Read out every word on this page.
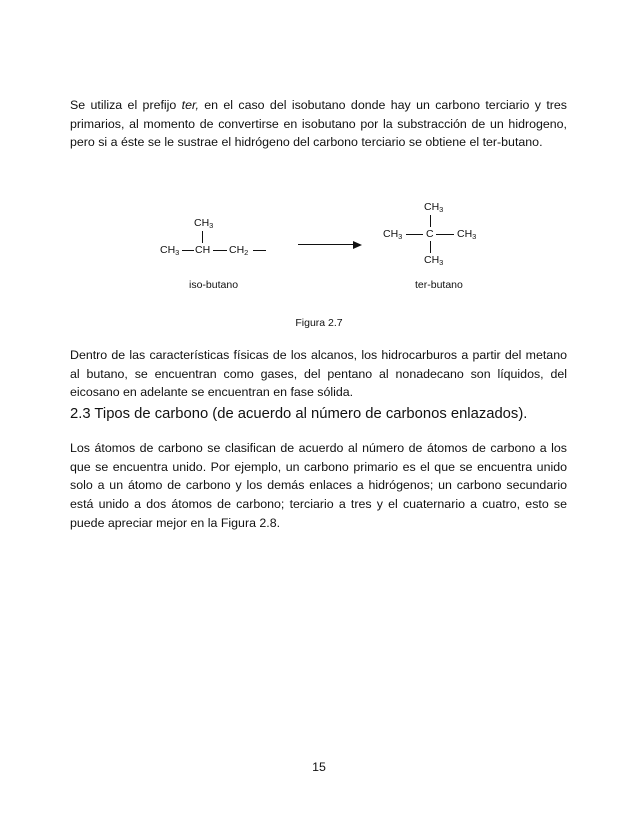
Se utiliza el prefijo ter, en el caso del isobutano donde hay un carbono terciario y tres primarios, al momento de convertirse en isobutano por la substracción de un hidrogeno, pero si a éste se le sustrae el hidrógeno del carbono terciario se obtiene el ter-butano.
$CH_3$
$CH_3$ CH $CH_2$
iso-butano
$CH_3$
$CH_3$ C $CH_3$
$CH_3$
ter-butano
Figura 2.7
Dentro de las características físicas de los alcanos, los hidrocarburos a partir del metano al butano, se encuentran como gases, del pentano al nonadecano son líquidos, del eicosano en adelante se encuentran en fase sólida.
2.3 Tipos de carbono (de acuerdo al número de carbonos enlazados).
Los átomos de carbono se clasifican de acuerdo al número de átomos de carbono a los que se encuentra unido. Por ejemplo, un carbono primario es el que se encuentra unido solo a un átomo de carbono y los demás enlaces a hidrógenos; un carbono secundario está unido a dos átomos de carbono; terciario a tres y el cuaternario a cuatro, esto se puede apreciar mejor en la Figura 2.8.
15
